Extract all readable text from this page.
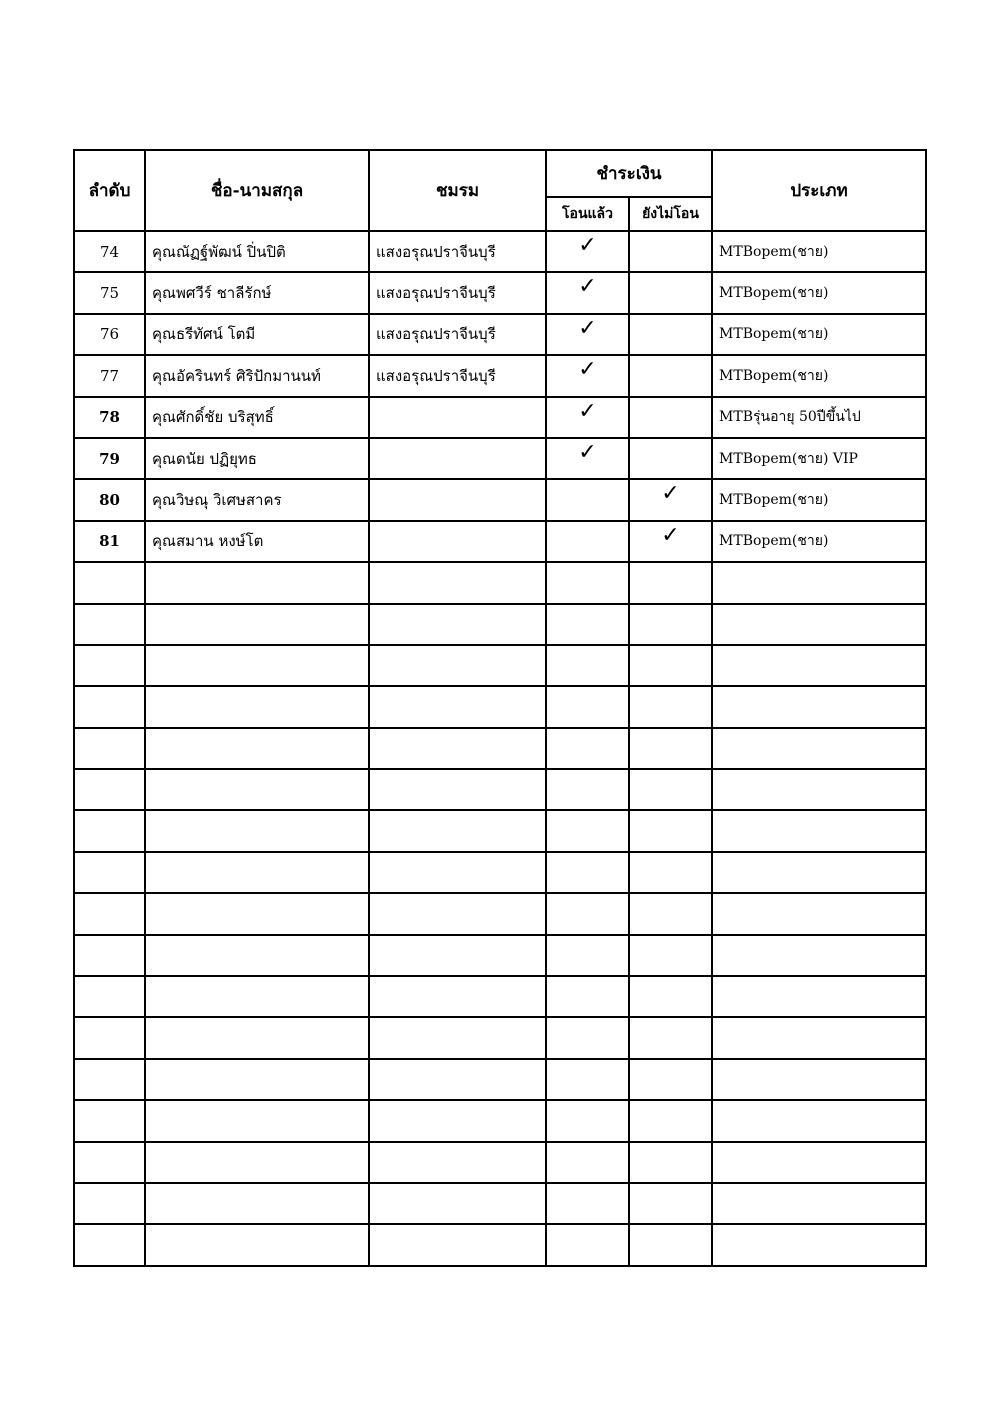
ลำดับ	ชื่อ-นามสกุล	ชมรม	ชำระเงิน		ประเภท
			โอนแล้ว	ยังไม่โอน	
74	คุณณัฏฐ์พัฒน์ ปิ่นปิติ	แสงอรุณปราจีนบุรี	✓		MTBopem(ชาย)
75	คุณพศวีร์ ชาลีรักษ์	แสงอรุณปราจีนบุรี	✓		MTBopem(ชาย)
76	คุณธรีทัศน์ โตมี	แสงอรุณปราจีนบุรี	✓		MTBopem(ชาย)
77	คุณอัครินทร์ ศิริปักมานนท์	แสงอรุณปราจีนบุรี	✓		MTBopem(ชาย)
78	คุณศักดิ์ชัย บริสุทธิ์		✓		MTBรุ่นอายุ 50ปีขึ้นไป
79	คุณดนัย ปฏิยุทธ		✓		MTBopem(ชาย) VIP
80	คุณวิษณุ วิเศษสาคร			✓	MTBopem(ชาย)
81	คุณสมาน หงษ์โต			✓	MTBopem(ชาย)
